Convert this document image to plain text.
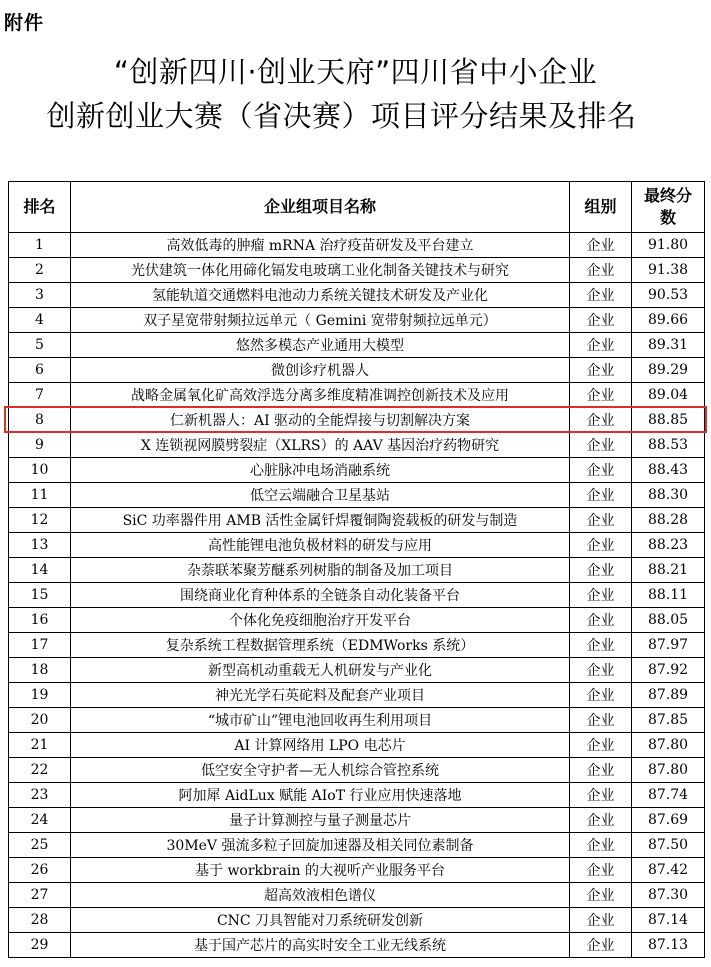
附件
“创新四川·创业天府”四川省中小企业
创新创业大赛（省决赛）项目评分结果及排名
排名	企业组项目名称	组别	最终分
数

1	高效低毒的肿瘤 mRNA 治疗疫苗研发及平台建立	企业	91.80
2	光伏建筑一体化用碲化镉发电玻璃工业化制备关键技术与研究	企业	91.38
3	氢能轨道交通燃料电池动力系统关键技术研发及产业化	企业	90.53
4	双子星宽带射频拉远单元（ Gemini 宽带射频拉远单元）	企业	89.66
5	悠然多模态产业通用大模型	企业	89.31
6	微创诊疗机器人	企业	89.29
7	战略金属氧化矿高效浮选分离多维度精准调控创新技术及应用	企业	89.04
8	仁新机器人：AI 驱动的全能焊接与切割解决方案	企业	88.85
9	X 连锁视网膜劈裂症（XLRS）的 AAV 基因治疗药物研究	企业	88.53
10	心脏脉冲电场消融系统	企业	88.43
11	低空云端融合卫星基站	企业	88.30
12	SiC 功率器件用 AMB 活性金属钎焊覆铜陶瓷载板的研发与制造	企业	88.28
13	高性能锂电池负极材料的研发与应用	企业	88.23
14	杂萘联苯聚芳醚系列树脂的制备及加工项目	企业	88.21
15	围绕商业化育种体系的全链条自动化装备平台	企业	88.11
16	个体化免疫细胞治疗开发平台	企业	88.05
17	复杂系统工程数据管理系统（EDMWorks 系统）	企业	87.97
18	新型高机动重载无人机研发与产业化	企业	87.92
19	神光光学石英砣料及配套产业项目	企业	87.89
20	“城市矿山”锂电池回收再生利用项目	企业	87.85
21	AI 计算网络用 LPO 电芯片	企业	87.80
22	低空安全守护者—无人机综合管控系统	企业	87.80
23	阿加犀 AidLux 赋能 AIoT 行业应用快速落地	企业	87.74
24	量子计算测控与量子测量芯片	企业	87.69
25	30MeV 强流多粒子回旋加速器及相关同位素制备	企业	87.50
26	基于 workbrain 的大视听产业服务平台	企业	87.42
27	超高效液相色谱仪	企业	87.30
28	CNC 刀具智能对刀系统研发创新	企业	87.14
29	基于国产芯片的高实时安全工业无线系统	企业	87.13
